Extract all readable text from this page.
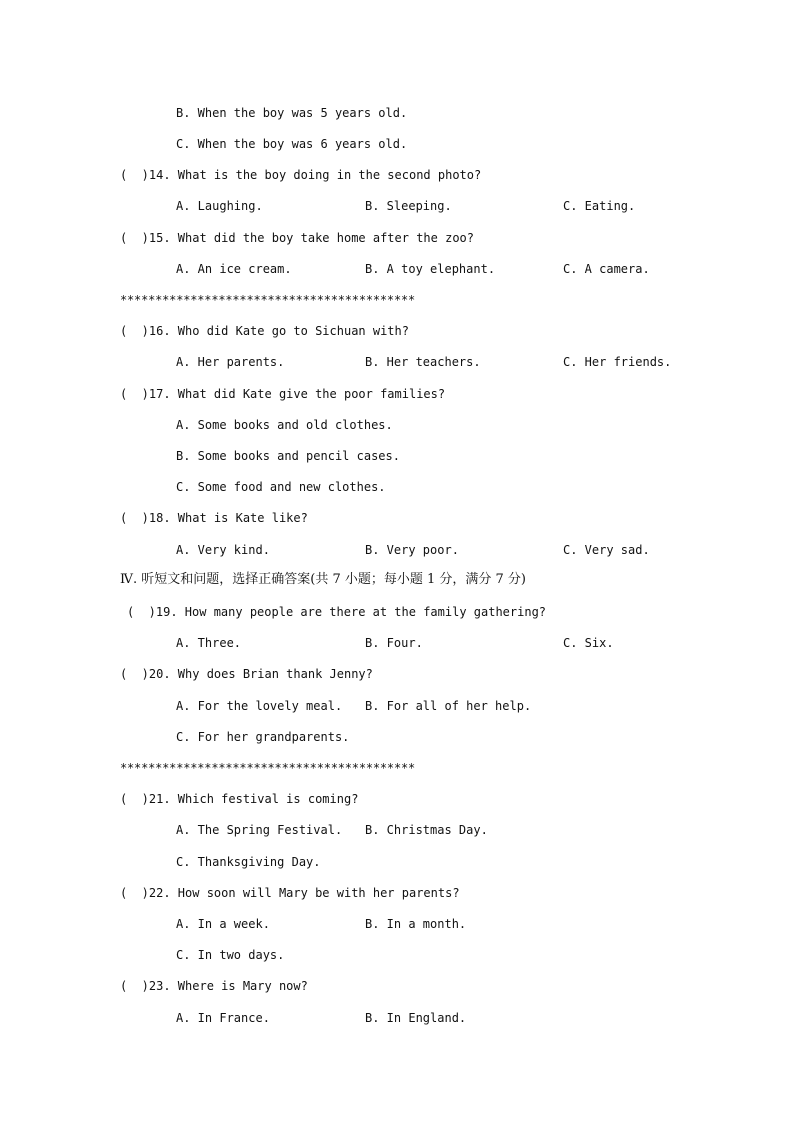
B. When the boy was 5 years old.
C. When the boy was 6 years old.
(  )14. What is the boy doing in the second photo?
A. Laughing.	B. Sleeping.	C. Eating.
(  )15. What did the boy take home after the zoo?
A. An ice cream.	B. A toy elephant.	C. A camera.
******************************************
(  )16. Who did Kate go to Sichuan with?
A. Her parents.	B. Her teachers.	C. Her friends.
(  )17. What did Kate give the poor families?
A. Some books and old clothes.
B. Some books and pencil cases.
C. Some food and new clothes.
(  )18. What is Kate like?
A. Very kind.	B. Very poor.	C. Very sad.
Ⅳ. 听短文和问题，选择正确答案(共 7 小题；每小题 1 分，满分 7 分)
(  )19. How many people are there at the family gathering?
A. Three.	B. Four.	C. Six.
(  )20. Why does Brian thank Jenny?
A. For the lovely meal. B. For all of her help.
C. For her grandparents.
******************************************
(  )21. Which festival is coming?
A. The Spring Festival. B. Christmas Day.
C. Thanksgiving Day.
(  )22. How soon will Mary be with her parents?
A. In a week.	B. In a month.
C. In two days.
(  )23. Where is Mary now?
A. In France.	B. In England.
